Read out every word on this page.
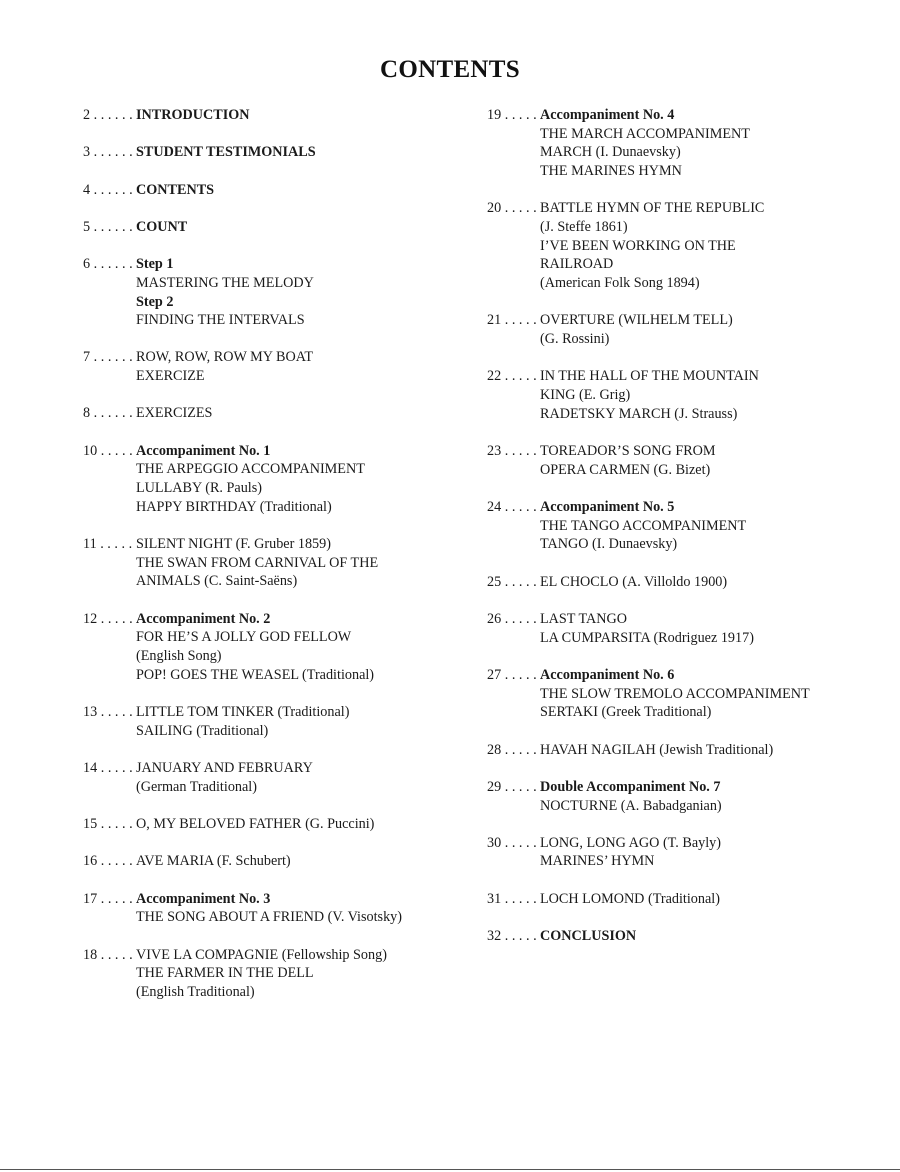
CONTENTS
2 . . . . . . INTRODUCTION
3 . . . . . . STUDENT TESTIMONIALS
4 . . . . . . CONTENTS
5 . . . . . . COUNT
6 . . . . . . Step 1
MASTERING THE MELODY
Step 2
FINDING THE INTERVALS
7 . . . . . . ROW, ROW, ROW MY BOAT
EXERCIZE
8 . . . . . . EXERCIZES
10 . . . . . Accompaniment No. 1
THE ARPEGGIO ACCOMPANIMENT
LULLABY (R. Pauls)
HAPPY BIRTHDAY (Traditional)
11 . . . . . SILENT NIGHT (F. Gruber 1859)
THE SWAN FROM CARNIVAL OF THE
ANIMALS (C. Saint-Saëns)
12 . . . . . Accompaniment No. 2
FOR HE’S A JOLLY GOD FELLOW
(English Song)
POP! GOES THE WEASEL (Traditional)
13 . . . . . LITTLE TOM TINKER (Traditional)
SAILING (Traditional)
14 . . . . . JANUARY AND FEBRUARY
(German Traditional)
15 . . . . . O, MY BELOVED FATHER (G. Puccini)
16 . . . . . AVE MARIA (F. Schubert)
17 . . . . . Accompaniment No. 3
THE SONG ABOUT A FRIEND (V. Visotsky)
18 . . . . . VIVE LA COMPAGNIE (Fellowship Song)
THE FARMER IN THE DELL
(English Traditional)
19 . . . . . Accompaniment No. 4
THE MARCH ACCOMPANIMENT
MARCH (I. Dunaevsky)
THE MARINES HYMN
20 . . . . . BATTLE HYMN OF THE REPUBLIC
(J. Steffe 1861)
I’VE BEEN WORKING ON THE
RAILROAD
(American Folk Song 1894)
21 . . . . . OVERTURE (WILHELM TELL)
(G. Rossini)
22 . . . . . IN THE HALL OF THE MOUNTAIN
KING (E. Grig)
RADETSKY MARCH (J. Strauss)
23 . . . . . TOREADOR’S SONG FROM
OPERA CARMEN (G. Bizet)
24 . . . . . Accompaniment No. 5
THE TANGO ACCOMPANIMENT
TANGO (I. Dunaevsky)
25 . . . . . EL CHOCLO (A. Villoldo 1900)
26 . . . . . LAST TANGO
LA CUMPARSITA (Rodriguez 1917)
27 . . . . . Accompaniment No. 6
THE SLOW TREMOLO ACCOMPANIMENT
SERTAKI (Greek Traditional)
28 . . . . . HAVAH NAGILAH (Jewish Traditional)
29 . . . . . Double Accompaniment No. 7
NOCTURNE (A. Babadganian)
30 . . . . . LONG, LONG AGO (T. Bayly)
MARINES’ HYMN
31 . . . . . LOCH LOMOND (Traditional)
32 . . . . . CONCLUSION
